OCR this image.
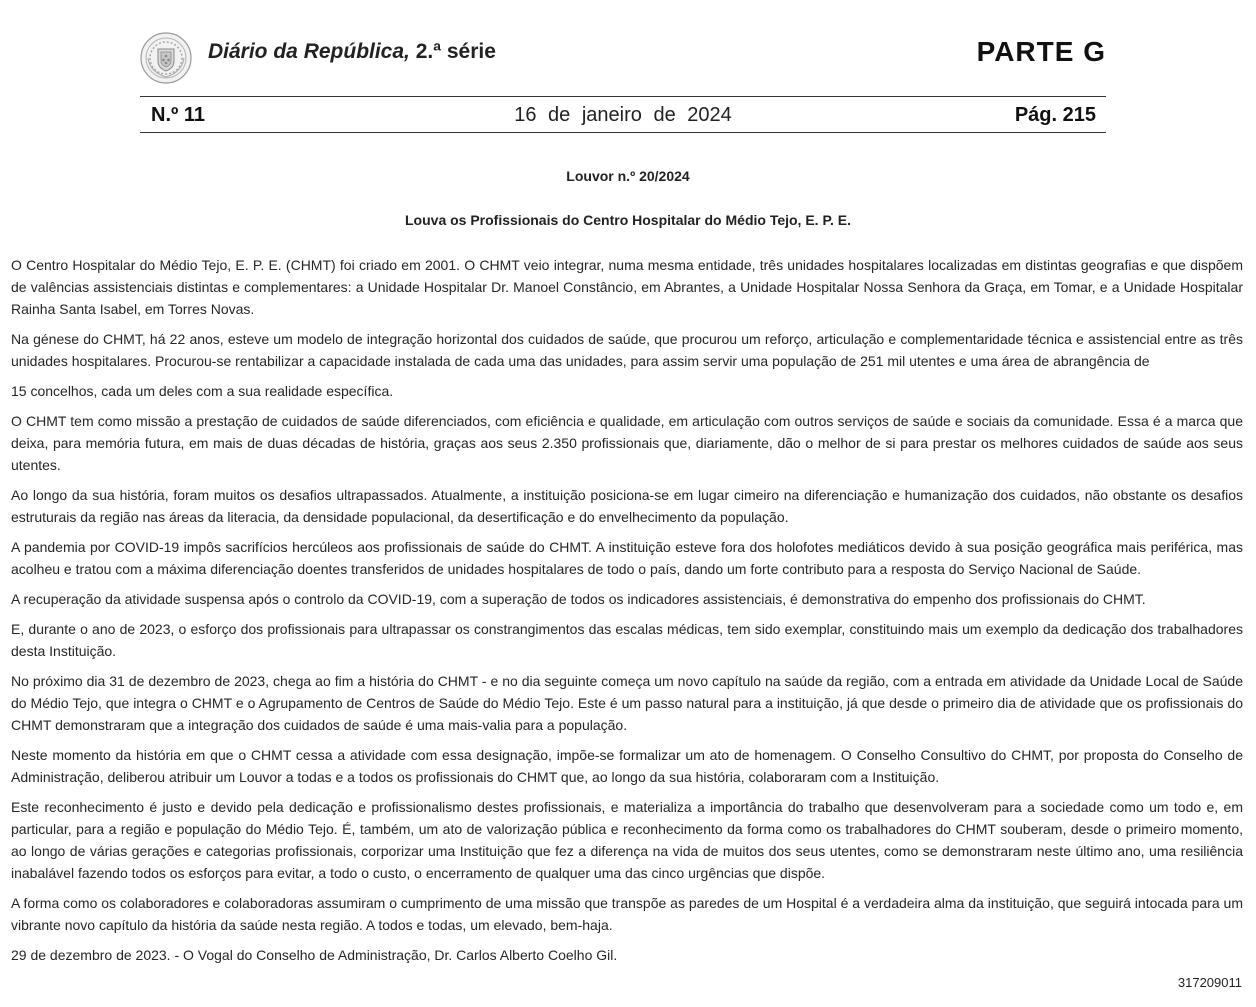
Diário da República, 2.ª série	PARTE G
N.º 11	16 de janeiro de 2024	Pág. 215
Louvor n.º 20/2024
Louva os Profissionais do Centro Hospitalar do Médio Tejo, E. P. E.

O Centro Hospitalar do Médio Tejo, E. P. E. (CHMT) foi criado em 2001. O CHMT veio integrar, numa mesma entidade, três unidades hospitalares localizadas em distintas geografias e que dispõem de valências assistenciais distintas e complementares: a Unidade Hospitalar Dr. Manoel Constâncio, em Abrantes, a Unidade Hospitalar Nossa Senhora da Graça, em Tomar, e a Unidade Hospitalar Rainha Santa Isabel, em Torres Novas.

Na génese do CHMT, há 22 anos, esteve um modelo de integração horizontal dos cuidados de saúde, que procurou um reforço, articulação e complementaridade técnica e assistencial entre as três unidades hospitalares. Procurou-se rentabilizar a capacidade instalada de cada uma das unidades, para assim servir uma população de 251 mil utentes e uma área de abrangência de

15 concelhos, cada um deles com a sua realidade específica.

O CHMT tem como missão a prestação de cuidados de saúde diferenciados, com eficiência e qualidade, em articulação com outros serviços de saúde e sociais da comunidade. Essa é a marca que deixa, para memória futura, em mais de duas décadas de história, graças aos seus 2.350 profissionais que, diariamente, dão o melhor de si para prestar os melhores cuidados de saúde aos seus utentes.

Ao longo da sua história, foram muitos os desafios ultrapassados. Atualmente, a instituição posiciona-se em lugar cimeiro na diferenciação e humanização dos cuidados, não obstante os desafios estruturais da região nas áreas da literacia, da densidade populacional, da desertificação e do envelhecimento da população.

A pandemia por COVID-19 impôs sacrifícios hercúleos aos profissionais de saúde do CHMT. A instituição esteve fora dos holofotes mediáticos devido à sua posição geográfica mais periférica, mas acolheu e tratou com a máxima diferenciação doentes transferidos de unidades hospitalares de todo o país, dando um forte contributo para a resposta do Serviço Nacional de Saúde.

A recuperação da atividade suspensa após o controlo da COVID-19, com a superação de todos os indicadores assistenciais, é demonstrativa do empenho dos profissionais do CHMT.

E, durante o ano de 2023, o esforço dos profissionais para ultrapassar os constrangimentos das escalas médicas, tem sido exemplar, constituindo mais um exemplo da dedicação dos trabalhadores desta Instituição.

No próximo dia 31 de dezembro de 2023, chega ao fim a história do CHMT - e no dia seguinte começa um novo capítulo na saúde da região, com a entrada em atividade da Unidade Local de Saúde do Médio Tejo, que integra o CHMT e o Agrupamento de Centros de Saúde do Médio Tejo. Este é um passo natural para a instituição, já que desde o primeiro dia de atividade que os profissionais do CHMT demonstraram que a integração dos cuidados de saúde é uma mais-valia para a população.

Neste momento da história em que o CHMT cessa a atividade com essa designação, impõe-se formalizar um ato de homenagem. O Conselho Consultivo do CHMT, por proposta do Conselho de Administração, deliberou atribuir um Louvor a todas e a todos os profissionais do CHMT que, ao longo da sua história, colaboraram com a Instituição.

Este reconhecimento é justo e devido pela dedicação e profissionalismo destes profissionais, e materializa a importância do trabalho que desenvolveram para a sociedade como um todo e, em particular, para a região e população do Médio Tejo. É, também, um ato de valorização pública e reconhecimento da forma como os trabalhadores do CHMT souberam, desde o primeiro momento, ao longo de várias gerações e categorias profissionais, corporizar uma Instituição que fez a diferença na vida de muitos dos seus utentes, como se demonstraram neste último ano, uma resiliência inabalável fazendo todos os esforços para evitar, a todo o custo, o encerramento de qualquer uma das cinco urgências que dispõe.

A forma como os colaboradores e colaboradoras assumiram o cumprimento de uma missão que transpõe as paredes de um Hospital é a verdadeira alma da instituição, que seguirá intocada para um vibrante novo capítulo da história da saúde nesta região. A todos e todas, um elevado, bem-haja.

29 de dezembro de 2023. - O Vogal do Conselho de Administração, Dr. Carlos Alberto Coelho Gil.

317209011
